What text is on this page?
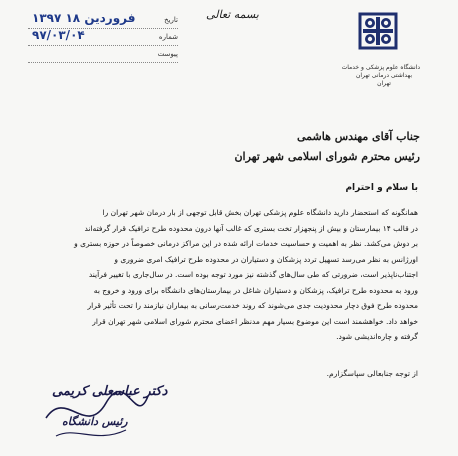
دانشگاه علوم پزشکی و خدمات
بهداشتی درمانی تهران
تهران
بسمه تعالی
تاریخ
۱۳۹۷ فروردین ۱۸
شماره
۹۷/۰۳/۰۴
پیوست
جناب آقای مهندس هاشمی
رئیس محترم شورای اسلامی شهر تهران
با سلام و احترام

همانگونه که استحضار دارید دانشگاه علوم پزشکی تهران بخش قابل توجهی از بار درمان شهر تهران را

در قالب ۱۴ بیمارستان و بیش از پنجهزار تخت بستری که غالب آنها درون محدوده طرح ترافیک قرار گرفته‌اند

بر دوش می‌کشد. نظر به اهمیت و حساسیت خدمات ارائه شده در این مراکز درمانی خصوصاً در حوزه بستری و

اورژانس به نظر می‌رسد تسهیل تردد پزشکان و دستیاران در محدوده طرح ترافیک امری ضروری و

اجتناب‌ناپذیر است، ضرورتی که طی سال‌های گذشته نیز مورد توجه بوده است. در سال‌جاری با تغییر فرآیند

ورود به محدوده طرح ترافیک، پزشکان و دستیاران شاغل در بیمارستان‌های دانشگاه برای ورود و خروج به

محدوده طرح فوق دچار محدودیت جدی می‌شوند که روند خدمت‌رسانی به بیماران نیازمند را تحت تأثیر قرار

خواهد داد. خواهشمند است این موضوع بسیار مهم مدنظر اعضای محترم شورای اسلامی شهر تهران قرار

گرفته و چاره‌اندیشی شود.

از توجه جنابعالی سپاسگزارم.
دکتر عباسعلی کریمی
رئیس دانشگاه
